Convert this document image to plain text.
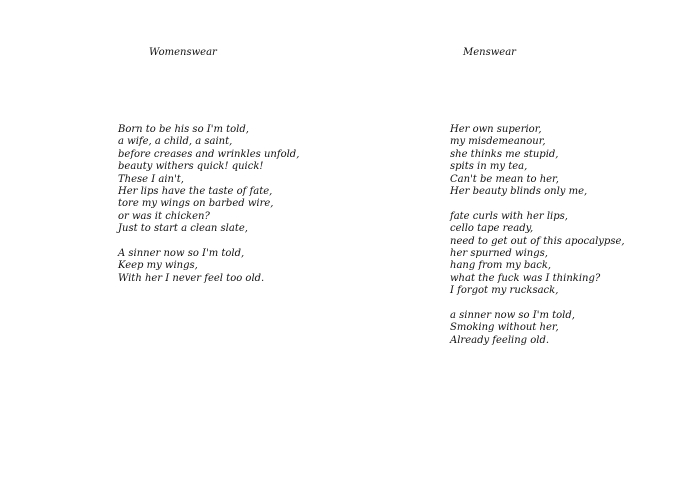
Womenswear	Menswear
Born to be his so I'm told,
a wife, a child, a saint,
before creases and wrinkles unfold,
beauty withers quick! quick!
These I ain't,
Her lips have the taste of fate,
tore my wings on barbed wire,
or was it chicken?
Just to start a clean slate,
A sinner now so I'm told,
Keep my wings,
With her I never feel too old.
Her own superior,
my misdemeanour,
she thinks me stupid,
spits in my tea,
Can't be mean to her,
Her beauty blinds only me,
fate curls with her lips,
cello tape ready,
need to get out of this apocalypse,
her spurned wings,
hang from my back,
what the fuck was I thinking?
I forgot my rucksack,
a sinner now so I'm told,
Smoking without her,
Already feeling old.
